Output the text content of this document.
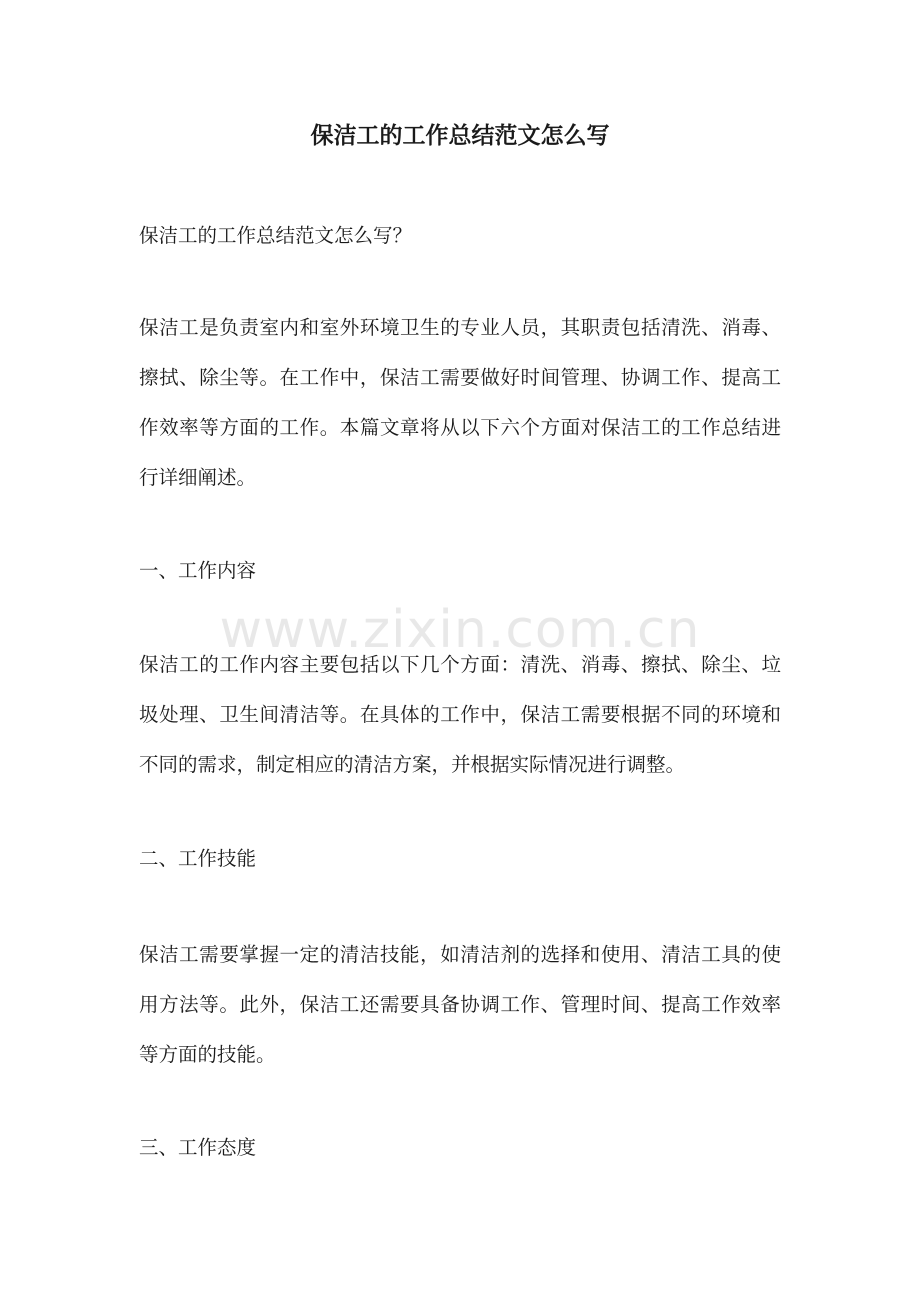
保洁工的工作总结范文怎么写

保洁工的工作总结范文怎么写？

保洁工是负责室内和室外环境卫生的专业人员，其职责包括清洗、消毒、擦拭、除尘等。在工作中，保洁工需要做好时间管理、协调工作、提高工作效率等方面的工作。本篇文章将从以下六个方面对保洁工的工作总结进行详细阐述。

一、工作内容

保洁工的工作内容主要包括以下几个方面：清洗、消毒、擦拭、除尘、垃圾处理、卫生间清洁等。在具体的工作中，保洁工需要根据不同的环境和不同的需求，制定相应的清洁方案，并根据实际情况进行调整。

二、工作技能

保洁工需要掌握一定的清洁技能，如清洁剂的选择和使用、清洁工具的使用方法等。此外，保洁工还需要具备协调工作、管理时间、提高工作效率等方面的技能。

三、工作态度

www.zixin.com.cn
